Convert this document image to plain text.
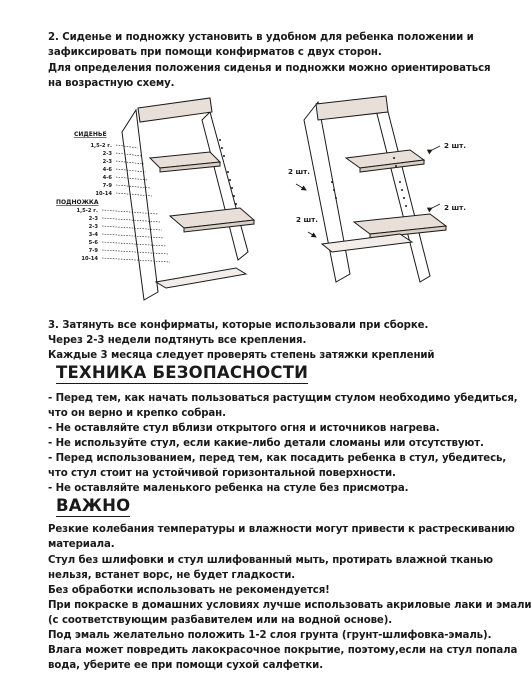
2. Сиденье и подножку установить в удобном для ребенка положении и
зафиксировать при помощи конфирматов с двух сторон.
Для определения положения сиденья и подножки можно ориентироваться
на возрастную схему.
СИДЕНЬЕ
1,5-2 г.
2-3
2-3
4-6
4-6
7-9
10-14
ПОДНОЖКА
1,5-2 г.
2-3
2-3
3-4
5-6
7-9
10-14
2 шт.
2 шт.
2 шт.
2 шт.
3. Затянуть все конфирматы, которые использовали при сборке.
Через 2-3 недели подтянуть все крепления.
Каждые 3 месяца следует проверять степень затяжки креплений
ТЕХНИКА БЕЗОПАСНОСТИ
- Перед тем, как начать пользоваться растущим стулом необходимо убедиться,
что он верно и крепко собран.
- Не оставляйте стул вблизи открытого огня и источников нагрева.
- Не используйте стул, если какие-либо детали сломаны или отсутствуют.
- Перед использованием, перед тем, как посадить ребенка в стул, убедитесь,
что стул стоит на устойчивой горизонтальной поверхности.
- Не оставляйте маленького ребенка на стуле без присмотра.
ВАЖНО
Резкие колебания температуры и влажности могут привести к растрескиванию
материала.
Стул без шлифовки и стул шлифованный мыть, протирать влажной тканью
нельзя, встанет ворс, не будет гладкости.
Без обработки использовать не рекомендуется!
При покраске в домашних условиях лучше использовать акриловые лаки и эмали
(с соответствующим разбавителем или на водной основе).
Под эмаль желательно положить 1-2 слоя грунта (грунт-шлифовка-эмаль).
Влага может повредить лакокрасочное покрытие, поэтому,если на стул попала
вода, уберите ее при помощи сухой салфетки.
